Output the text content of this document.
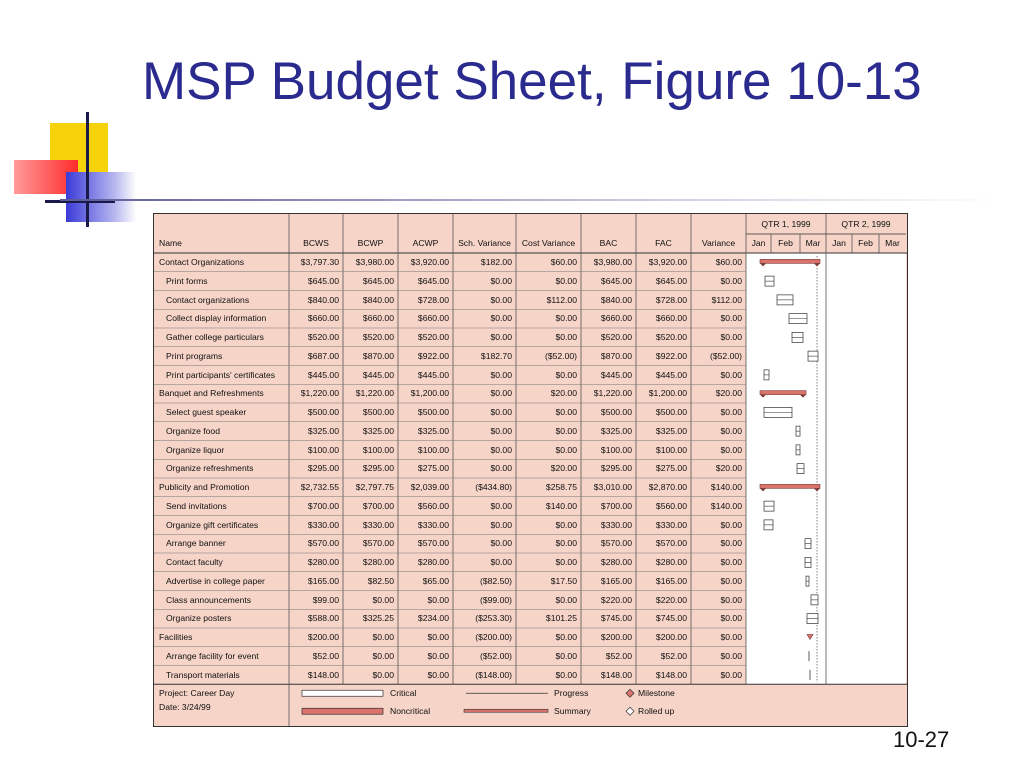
MSP Budget Sheet, Figure 10-13
Name	BCWS	BCWP	ACWP	Sch. Variance	Cost Variance	BAC	FAC	Variance
QTR 1, 1999
Jan	Feb	Mar
QTR 2, 1999
Jan	Feb	Mar
Contact Organizations	$3,797.30	$3,980.00	$3,920.00	$182.00	$60.00	$3,980.00	$3,920.00	$60.00
Print forms	$645.00	$645.00	$645.00	$0.00	$0.00	$645.00	$645.00	$0.00
Contact organizations	$840.00	$840.00	$728.00	$0.00	$112.00	$840.00	$728.00	$112.00
Collect display information	$660.00	$660.00	$660.00	$0.00	$0.00	$660.00	$660.00	$0.00
Gather college particulars	$520.00	$520.00	$520.00	$0.00	$0.00	$520.00	$520.00	$0.00
Print programs	$687.00	$870.00	$922.00	$182.70	($52.00)	$870.00	$922.00	($52.00)
Print participants' certificates	$445.00	$445.00	$445.00	$0.00	$0.00	$445.00	$445.00	$0.00
Banquet and Refreshments	$1,220.00	$1,220.00	$1,200.00	$0.00	$20.00	$1,220.00	$1,200.00	$20.00
Select guest speaker	$500.00	$500.00	$500.00	$0.00	$0.00	$500.00	$500.00	$0.00
Organize food	$325.00	$325.00	$325.00	$0.00	$0.00	$325.00	$325.00	$0.00
Organize liquor	$100.00	$100.00	$100.00	$0.00	$0.00	$100.00	$100.00	$0.00
Organize refreshments	$295.00	$295.00	$275.00	$0.00	$20.00	$295.00	$275.00	$20.00
Publicity and Promotion	$2,732.55	$2,797.75	$2,039.00	($434.80)	$258.75	$3,010.00	$2,870.00	$140.00
Send invitations	$700.00	$700.00	$560.00	$0.00	$140.00	$700.00	$560.00	$140.00
Organize gift certificates	$330.00	$330.00	$330.00	$0.00	$0.00	$330.00	$330.00	$0.00
Arrange banner	$570.00	$570.00	$570.00	$0.00	$0.00	$570.00	$570.00	$0.00
Contact faculty	$280.00	$280.00	$280.00	$0.00	$0.00	$280.00	$280.00	$0.00
Advertise in college paper	$165.00	$82.50	$65.00	($82.50)	$17.50	$165.00	$165.00	$0.00
Class announcements	$99.00	$0.00	$0.00	($99.00)	$0.00	$220.00	$220.00	$0.00
Organize posters	$588.00	$325.25	$234.00	($253.30)	$101.25	$745.00	$745.00	$0.00
Facilities	$200.00	$0.00	$0.00	($200.00)	$0.00	$200.00	$200.00	$0.00
Arrange facility for event	$52.00	$0.00	$0.00	($52.00)	$0.00	$52.00	$52.00	$0.00
Transport materials	$148.00	$0.00	$0.00	($148.00)	$0.00	$148.00	$148.00	$0.00
Project: Career Day
Date: 3/24/99
Critical
Noncritical
Progress
Summary
Milestone
Rolled up
10-27
